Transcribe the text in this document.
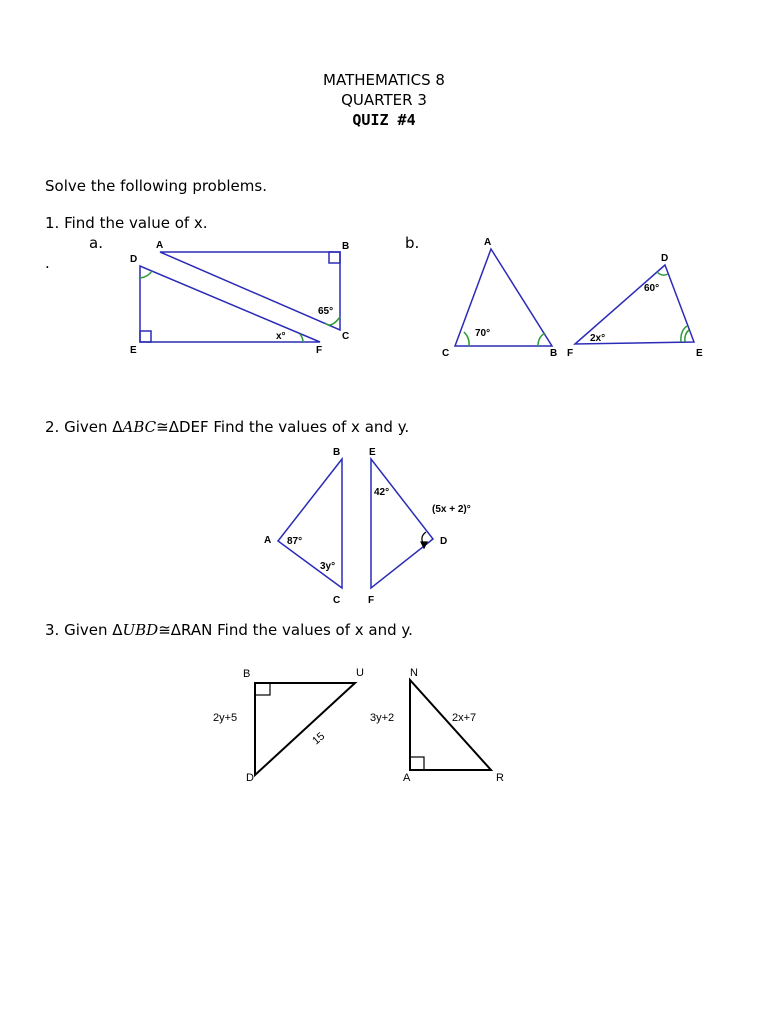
MATHEMATICS 8
QUARTER 3
QUIZ #4
Solve the following problems.
1. Find the value of x.
a.	b.
.
2. Given ΔABC≅ΔDEF Find the values of x and y.
3. Given ΔUBD≅ΔRAN Find the values of x and y.
A	B
C
D
E	F
65°
x°
A
B
C
D
E
F
70°
60°
2x°
B	E
A	D
C	F
87°
3y°
42°
(5x + 2)°
B	U
D
N
A	R
2y+5
15
3y+2	2x+7
